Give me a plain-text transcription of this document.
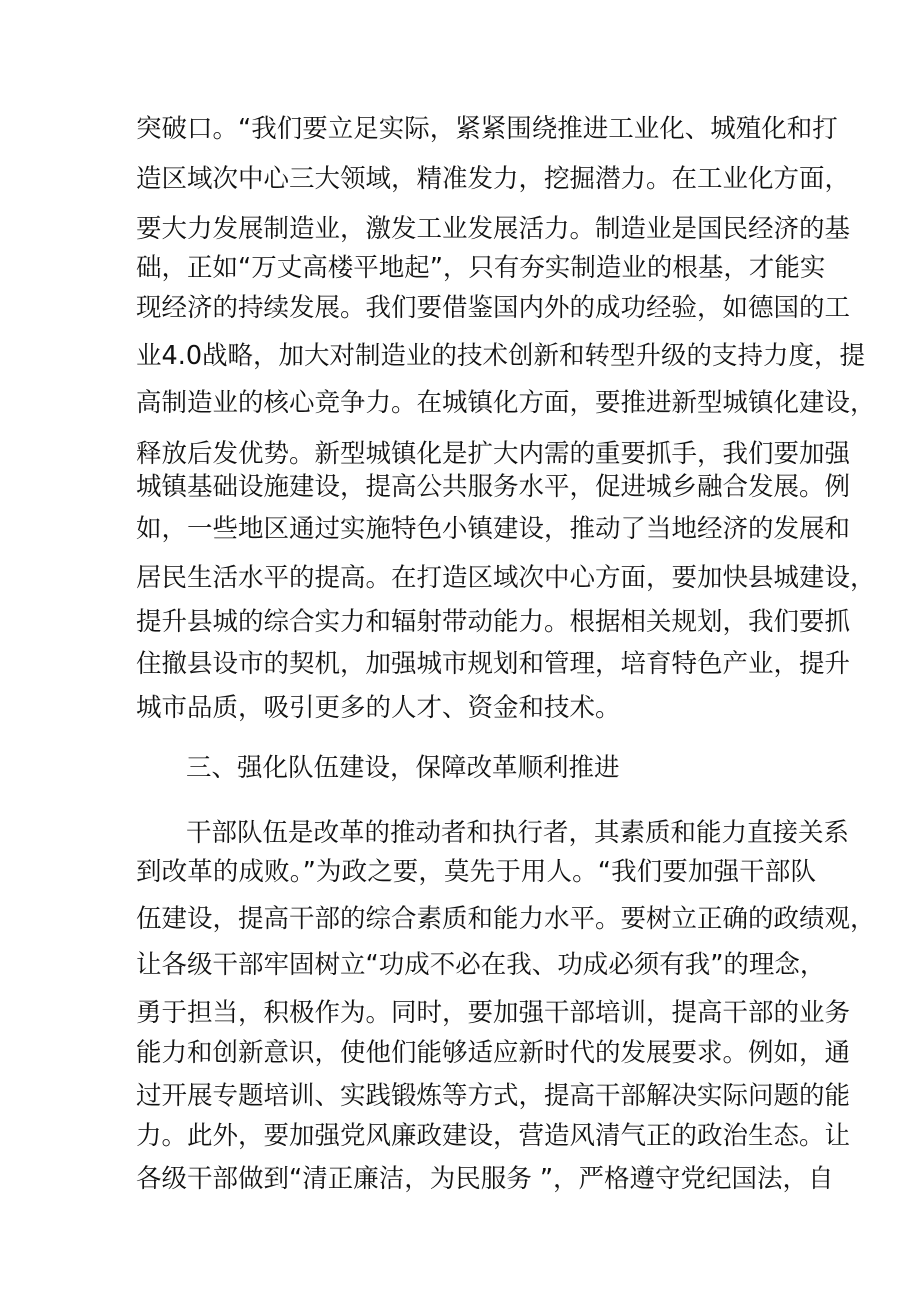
突破口。“我们要立足实际，紧紧围绕推进工业化、城殖化和打
造区域次中心三大领域，精准发力，挖掘潜力。在工业化方面，
要大力发展制造业，激发工业发展活力。制造业是国民经济的基
础，正如“万丈高楼平地起”，只有夯实制造业的根基，才能实
现经济的持续发展。我们要借鉴国内外的成功经验，如德国的工
业4.0战略，加大对制造业的技术创新和转型升级的支持力度，提
高制造业的核心竞争力。在城镇化方面，要推进新型城镇化建设，
释放后发优势。新型城镇化是扩大内需的重要抓手，我们要加强
城镇基础设施建设，提高公共服务水平，促进城乡融合发展。例
如，一些地区通过实施特色小镇建设，推动了当地经济的发展和
居民生活水平的提高。在打造区域次中心方面，要加快县城建设，
提升县城的综合实力和辐射带动能力。根据相关规划，我们要抓
住撤县设市的契机，加强城市规划和管理，培育特色产业，提升
城市品质，吸引更多的人才、资金和技术。
三、强化队伍建设，保障改革顺利推进
干部队伍是改革的推动者和执行者，其素质和能力直接关系
到改革的成败。”为政之要，莫先于用人。“我们要加强干部队
伍建设，提高干部的综合素质和能力水平。要树立正确的政绩观，
让各级干部牢固树立“功成不必在我、功成必须有我”的理念，
勇于担当，积极作为。同时，要加强干部培训，提高干部的业务
能力和创新意识，使他们能够适应新时代的发展要求。例如，通
过开展专题培训、实践锻炼等方式，提高干部解决实际问题的能
力。此外，要加强党风廉政建设，营造风清气正的政治生态。让
各级干部做到“清正廉洁，为民服务 ”，严格遵守党纪国法，自
